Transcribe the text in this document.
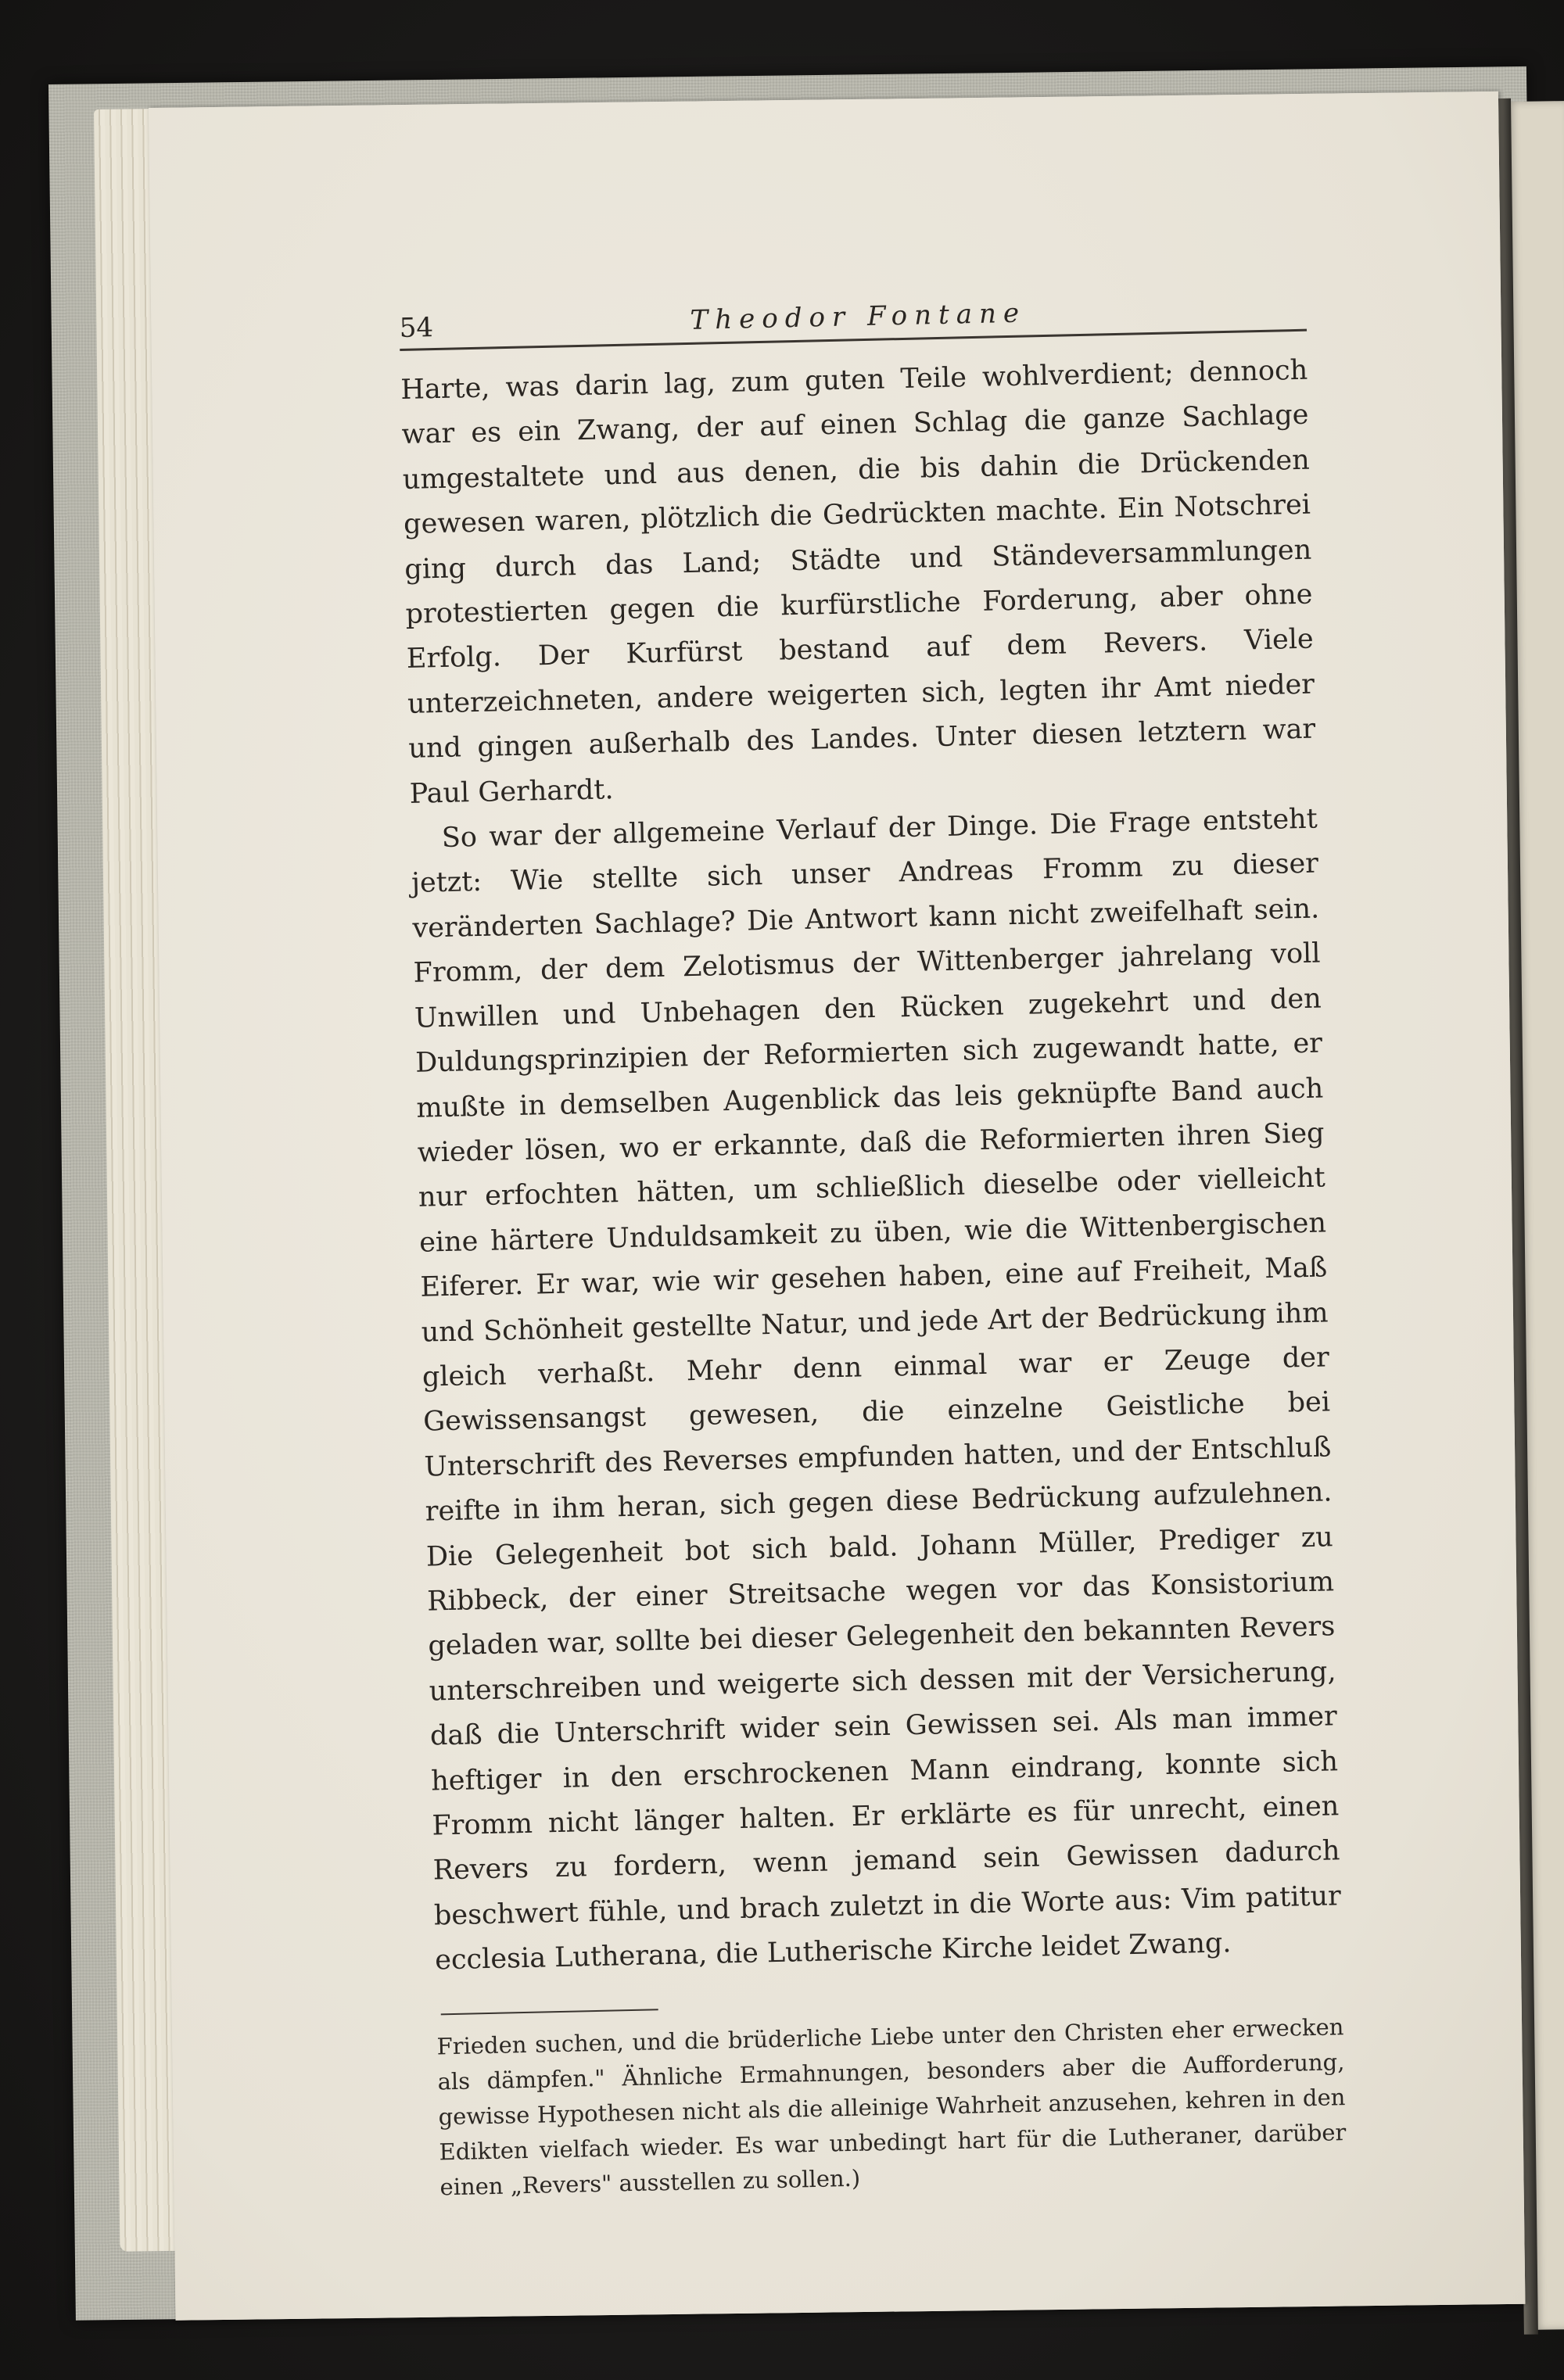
54	Theodor Fontane

Harte, was darin lag, zum guten Teile wohlverdient; dennoch war es ein Zwang, der auf einen Schlag die ganze Sachlage umgestaltete und aus denen, die bis dahin die Drückenden gewesen waren, plötzlich die Gedrückten machte. Ein Notschrei ging durch das Land; Städte und Ständeversammlungen protestierten gegen die kurfürstliche Forderung, aber ohne Erfolg. Der Kurfürst bestand auf dem Revers. Viele unterzeichneten, andere weigerten sich, legten ihr Amt nieder und gingen außerhalb des Landes. Unter diesen letztern war Paul Gerhardt.

So war der allgemeine Verlauf der Dinge. Die Frage entsteht jetzt: Wie stellte sich unser Andreas Fromm zu dieser veränderten Sachlage? Die Antwort kann nicht zweifelhaft sein. Fromm, der dem Zelotismus der Wittenberger jahrelang voll Unwillen und Unbehagen den Rücken zugekehrt und den Duldungsprinzipien der Reformierten sich zugewandt hatte, er mußte in demselben Augenblick das leis geknüpfte Band auch wieder lösen, wo er erkannte, daß die Reformierten ihren Sieg nur erfochten hätten, um schließlich dieselbe oder vielleicht eine härtere Unduldsamkeit zu üben, wie die Wittenbergischen Eiferer. Er war, wie wir gesehen haben, eine auf Freiheit, Maß und Schönheit gestellte Natur, und jede Art der Bedrückung ihm gleich verhaßt. Mehr denn einmal war er Zeuge der Gewissensangst gewesen, die einzelne Geistliche bei Unterschrift des Reverses empfunden hatten, und der Entschluß reifte in ihm heran, sich gegen diese Bedrückung aufzulehnen. Die Gelegenheit bot sich bald. Johann Müller, Prediger zu Ribbeck, der einer Streitsache wegen vor das Konsistorium geladen war, sollte bei dieser Gelegenheit den bekannten Revers unterschreiben und weigerte sich dessen mit der Versicherung, daß die Unterschrift wider sein Gewissen sei. Als man immer heftiger in den erschrockenen Mann eindrang, konnte sich Fromm nicht länger halten. Er erklärte es für unrecht, einen Revers zu fordern, wenn jemand sein Gewissen dadurch beschwert fühle, und brach zuletzt in die Worte aus: Vim patitur ecclesia Lutherana, die Lutherische Kirche leidet Zwang.

Frieden suchen, und die brüderliche Liebe unter den Christen eher erwecken als dämpfen." Ähnliche Ermahnungen, besonders aber die Aufforderung, gewisse Hypothesen nicht als die alleinige Wahrheit anzusehen, kehren in den Edikten vielfach wieder. Es war unbedingt hart für die Lutheraner, darüber einen „Revers" ausstellen zu sollen.)
